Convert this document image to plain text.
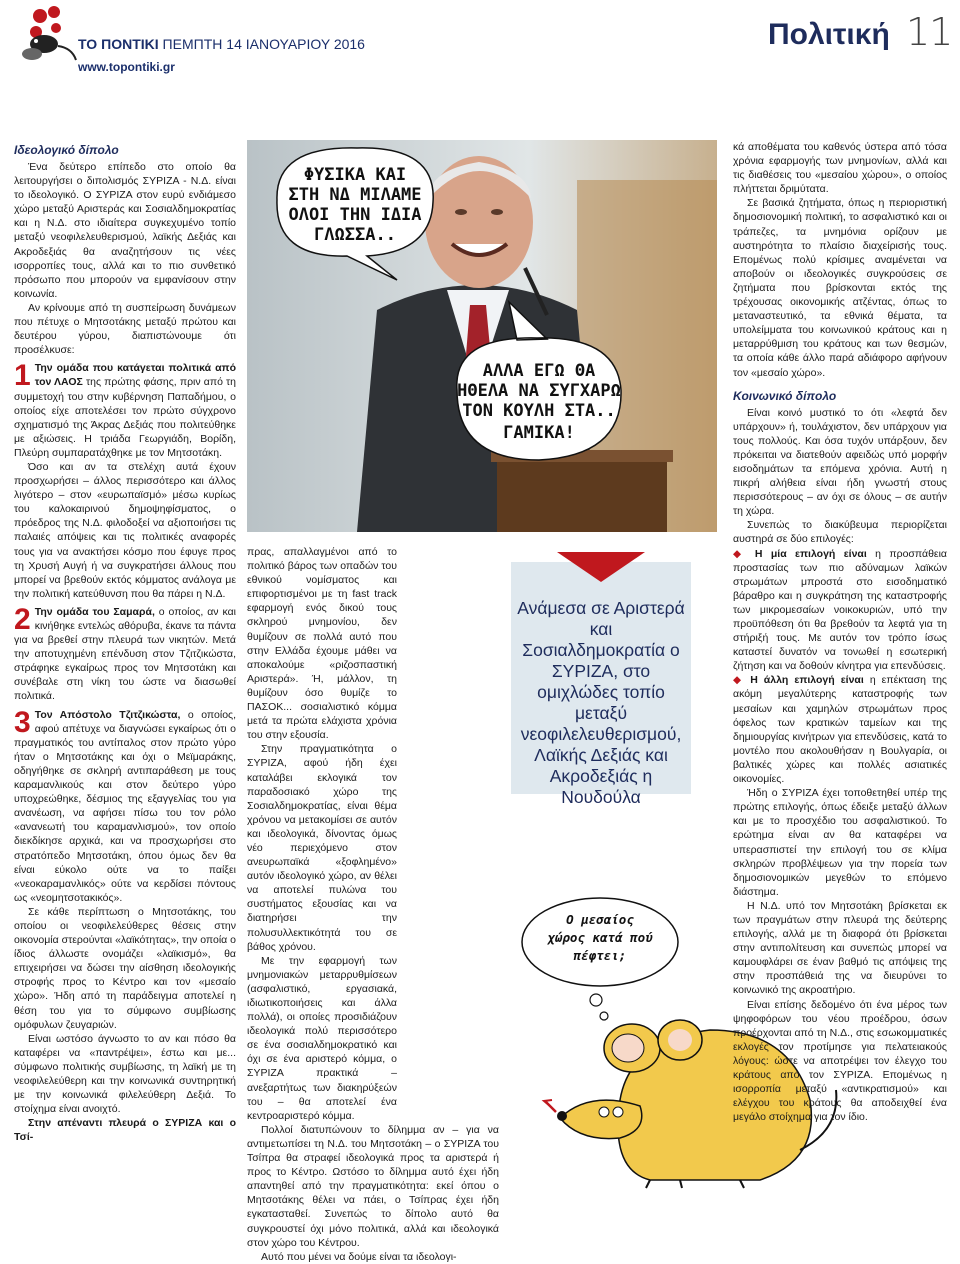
ΤΟ ΠΟΝΤΙΚΙ ΠΕΜΠΤΗ 14 ΙΑΝΟΥΑΡΙΟΥ 2016
www.topontiki.gr
Πολιτική 11
Ιδεολογικό δίπολο

Ένα δεύτερο επίπεδο στο οποίο θα λειτουργήσει ο διπολισμός ΣΥΡΙΖΑ - Ν.Δ. είναι το ιδεολογικό. Ο ΣΥΡΙΖΑ στον ευρύ ενδιάμεσο χώρο μεταξύ Αριστεράς και Σοσιαλδημοκρατίας και η Ν.Δ. στο ιδιαίτερα συγκεχυμένο τοπίο μεταξύ νεοφιλελευθερισμού, λαϊκής Δεξιάς και Ακροδεξιάς θα αναζητήσουν τις νέες ισορροπίες τους, αλλά και το πιο συνθετικό πρόσωπο που μπορούν να εμφανίσουν στην κοινωνία.

Αν κρίνουμε από τη συσπείρωση δυνάμεων που πέτυχε ο Μητσοτάκης μεταξύ πρώτου και δευτέρου γύρου, διαπιστώνουμε ότι προσέλκυσε:

1 Την ομάδα που κατάγεται πολιτικά από τον ΛΑΟΣ της πρώτης φάσης, πριν από τη συμμετοχή του στην κυβέρνηση Παπαδήμου, ο οποίος είχε αποτελέσει τον πρώτο σύγχρονο σχηματισμό της Άκρας Δεξιάς που πολιτεύθηκε με αξιώσεις. Η τριάδα Γεωργιάδη, Βορίδη, Πλεύρη συμπαρατάχθηκε με τον Μητσοτάκη.

Όσο και αν τα στελέχη αυτά έχουν προσχωρήσει – άλλος περισσότερο και άλλος λιγότερο – στον «ευρωπαϊσμό» μέσω κυρίως του καλοκαιρινού δημοψηφίσματος, ο πρόεδρος της Ν.Δ. φιλοδοξεί να αξιοποιήσει τις παλαιές απόψεις και τις πολιτικές αναφορές τους για να ανακτήσει κόσμο που έφυγε προς τη Χρυσή Αυγή ή να συγκρατήσει άλλους που μπορεί να βρεθούν εκτός κόμματος ανάλογα με την πολιτική κατεύθυνση που θα πάρει η Ν.Δ.

2 Την ομάδα του Σαμαρά, ο οποίος, αν και κινήθηκε εντελώς αθόρυβα, έκανε τα πάντα για να βρεθεί στην πλευρά των νικητών. Μετά την αποτυχημένη επένδυση στον Τζιτζικώστα, στράφηκε εγκαίρως προς τον Μητσοτάκη και συνέβαλε στη νίκη του ώστε να διασωθεί πολιτικά.
3 Τον Απόστολο Τζιτζικώστα, ο οποίος, αφού απέτυχε να διαγνώσει εγκαίρως ότι ο πραγματικός του αντίπαλος στον πρώτο γύρο ήταν ο Μητσοτάκης και όχι ο Μεϊμαράκης, οδηγήθηκε σε σκληρή αντιπαράθεση με τους καραμανλικούς και στον δεύτερο γύρο υποχρεώθηκε, δέσμιος της εξαγγελίας του για ανανέωση, να αφήσει πίσω του τον ρόλο «ανανεωτή του καραμανλισμού», τον οποίο διεκδίκησε αρχικά, και να προσχωρήσει στο στρατόπεδο Μητσοτάκη, όπου όμως δεν θα είναι εύκολο ούτε να το παίξει «νεοκαραμανλικός» ούτε να κερδίσει πόντους ως «νεομητσοτακικός».

Σε κάθε περίπτωση ο Μητσοτάκης, του οποίου οι νεοφιλελεύθερες θέσεις στην οικονομία στερούνται «λαϊκότητας», την οποία ο ίδιος άλλωστε ονομάζει «λαϊκισμό», θα επιχειρήσει να δώσει την αίσθηση ιδεολογικής στροφής προς το Κέντρο και τον «μεσαίο χώρο». Ήδη από τη παράδειγμα αποτελεί η θέση του για το σύμφωνο συμβίωσης ομόφυλων ζευγαριών.

Είναι ωστόσο άγνωστο το αν και πόσο θα καταφέρει να «παντρέψει», έστω και με... σύμφωνο πολιτικής συμβίωσης, τη λαϊκή με τη νεοφιλελεύθερη και την κοινωνικά συντηρητική με την κοινωνικά φιλελεύθερη Δεξιά. Το στοίχημα είναι ανοιχτό.

Στην απέναντι πλευρά ο ΣΥΡΙΖΑ και ο Τσί-

ΦΥΣΙΚΑ ΚΑΙ
ΣΤΗ ΝΔ ΜΙΛΑΜΕ
ΟΛΟΙ ΤΗΝ ΙΔΙΑ
ΓΛΩΣΣΑ..
ΑΛΛΑ ΕΓΩ ΘΑ
ΗΘΕΛΑ ΝΑ ΣΥΓΧΑΡΩ
ΤΟΝ ΚΟΥΛΗ ΣΤΑ..
ΓΑΜΙΚΑ!

πρας, απαλλαγμένοι από το πολιτικό βάρος των οπαδών του εθνικού νομίσματος και επιφορτισμένοι με τη fast track εφαρμογή ενός δικού τους σκληρού μνημονίου, δεν θυμίζουν σε πολλά αυτό που στην Ελλάδα έχουμε μάθει να αποκαλούμε «ριζοσπαστική Αριστερά». Ή, μάλλον, τη θυμίζουν όσο θυμίζε το ΠΑΣΟΚ... σοσιαλιστικό κόμμα μετά τα πρώτα ελάχιστα χρόνια του στην εξουσία.

Στην πραγματικότητα ο ΣΥΡΙΖΑ, αφού ήδη έχει καταλάβει εκλογικά τον παραδοσιακό χώρο της Σοσιαλδημοκρατίας, είναι θέμα χρόνου να μετακομίσει σε αυτόν και ιδεολογικά, δίνοντας όμως νέο περιεχόμενο στον ανευρωπαϊκά «ξοφλημένο» αυτόν ιδεολογικό χώρο, αν θέλει να αποτελεί πυλώνα του συστήματος εξουσίας και να διατηρήσει την πολυσυλλεκτικότητά του σε βάθος χρόνου.

Με την εφαρμογή των μνημονιακών μεταρρυθμίσεων (ασφαλιστικό, εργασιακά, ιδιωτικοποιήσεις και άλλα πολλά), οι οποίες προσιδιάζουν ιδεολογικά πολύ περισσότερο σε ένα σοσιαλδημοκρατικό και όχι σε ένα αριστερό κόμμα, ο ΣΥΡΙΖΑ πρακτικά – ανεξαρτήτως των διακηρύξεών του – θα αποτελεί ένα κεντροαριστερό κόμμα.

Πολλοί διατυπώνουν το δίλημμα αν – για να αντιμετωπίσει τη Ν.Δ. του Μητσοτάκη – ο ΣΥΡΙΖΑ του Τσίπρα θα στραφεί ιδεολογικά προς τα αριστερά ή προς το Κέντρο. Ωστόσο το δίλημμα αυτό έχει ήδη απαντηθεί από την πραγματικότητα: εκεί όπου ο Μητσοτάκης θέλει να πάει, ο Τσίπρας έχει ήδη εγκατασταθεί. Συνεπώς το δίπολο αυτό θα συγκρουστεί όχι μόνο πολιτικά, αλλά και ιδεολογικά στον χώρο του Κέντρου.

Αυτό που μένει να δούμε είναι τα ιδεολογι-

Ανάμεσα σε Αριστερά και Σοσιαλδημοκρατία ο ΣΥΡΙΖΑ, στο ομιχλώδες τοπίο μεταξύ νεοφιλελευθερισμού, Λαϊκής Δεξιάς και Ακροδεξιάς η Νουδούλα
Ο μεσαίος
χώρος κατά πού
πέφτει;

κά αποθέματα του καθενός ύστερα από τόσα χρόνια εφαρμογής των μνημονίων, αλλά και τις διαθέσεις του «μεσαίου χώρου», ο οποίος πλήττεται δριμύτατα.

Σε βασικά ζητήματα, όπως η περιοριστική δημοσιονομική πολιτική, το ασφαλιστικό και οι τράπεζες, τα μνημόνια ορίζουν με αυστηρότητα το πλαίσιο διαχείρισής τους. Επομένως πολύ κρίσιμες αναμένεται να αποβούν οι ιδεολογικές συγκρούσεις σε ζητήματα που βρίσκονται εκτός της τρέχουσας οικονομικής ατζέντας, όπως το μεταναστευτικό, τα εθνικά θέματα, τα υπολείμματα του κοινωνικού κράτους και η μεταρρύθμιση του κράτους και των θεσμών, τα οποία κάθε άλλο παρά αδιάφορο αφήνουν τον «μεσαίο χώρο».

Κοινωνικό δίπολο

Είναι κοινό μυστικό το ότι «λεφτά δεν υπάρχουν» ή, τουλάχιστον, δεν υπάρχουν για τους πολλούς. Και όσα τυχόν υπάρξουν, δεν πρόκειται να διατεθούν αφειδώς υπό μορφήν εισοδημάτων τα επόμενα χρόνια. Αυτή η πικρή αλήθεια είναι ήδη γνωστή στους περισσότερους – αν όχι σε όλους – σε αυτήν τη χώρα.

Συνεπώς το διακύβευμα περιορίζεται αυστηρά σε δύο επιλογές:

◆ Η μία επιλογή είναι η προσπάθεια προστασίας των πιο αδύναμων λαϊκών στρωμάτων μπροστά στο εισοδηματικό βάραθρο και η συγκράτηση της καταστροφής των μικρομεσαίων νοικοκυριών, υπό την προϋπόθεση ότι θα βρεθούν τα λεφτά για τη στήριξή τους. Με αυτόν τον τρόπο ίσως καταστεί δυνατόν να τονωθεί η εσωτερική ζήτηση και να δοθούν κίνητρα για επενδύσεις.

◆ Η άλλη επιλογή είναι η επέκταση της ακόμη μεγαλύτερης καταστροφής των μεσαίων και χαμηλών στρωμάτων προς όφελος των κρατικών ταμείων και της δημιουργίας κινήτρων για επενδύσεις, κατά το μοντέλο που ακολουθήσαν η Βουλγαρία, οι βαλτικές χώρες και πολλές ασιατικές οικονομίες.

Ήδη ο ΣΥΡΙΖΑ έχει τοποθετηθεί υπέρ της πρώτης επιλογής, όπως έδειξε μεταξύ άλλων και με το προσχέδιο του ασφαλιστικού. Το ερώτημα είναι αν θα καταφέρει να υπερασπιστεί την επιλογή του σε κλίμα σκληρών προβλέψεων για την πορεία των δημοσιονομικών μεγεθών το επόμενο διάστημα.

Η Ν.Δ. υπό τον Μητσοτάκη βρίσκεται εκ των πραγμάτων στην πλευρά της δεύτερης επιλογής, αλλά με τη διαφορά ότι βρίσκεται στην αντιπολίτευση και συνεπώς μπορεί να καμουφλάρει σε έναν βαθμό τις απόψεις της στην προσπάθειά της να διευρύνει το κοινωνικό της ακροατήριο.

Είναι επίσης δεδομένο ότι ένα μέρος των ψηφοφόρων του νέου προέδρου, όσων προέρχονται από τη Ν.Δ., στις εσωκομματικές εκλογές τον προτίμησε για πελατειακούς λόγους: ώστε να αποτρέψει τον έλεγχο του κράτους από τον ΣΥΡΙΖΑ. Επομένως η ισορροπία μεταξύ «αντικρατισμού» και ελέγχου του κράτους θα αποδειχθεί ένα μεγάλο στοίχημα για τον ίδιο.
